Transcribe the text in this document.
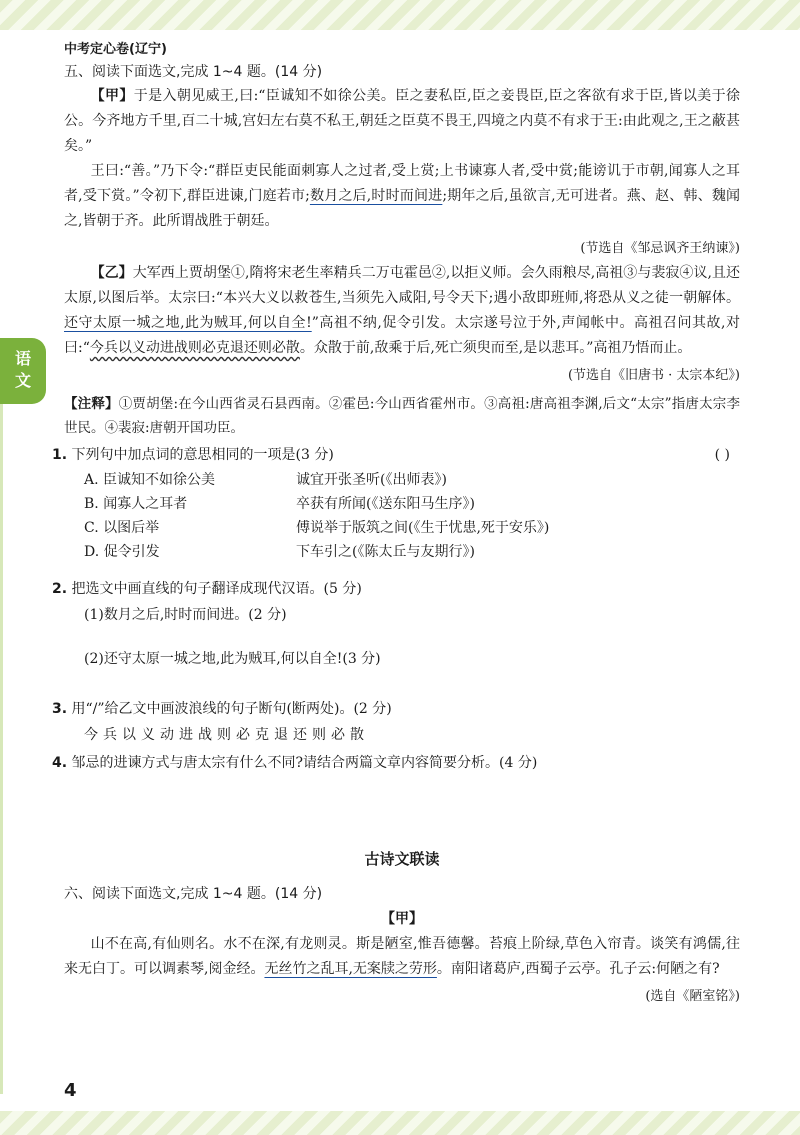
语
文
中考定心卷(辽宁)
五、阅读下面选文,完成 1~4 题。(14 分)

【甲】于是入朝见威王,曰:“臣诚知不如徐公美。臣之妻私臣,臣之妾畏臣,臣之客欲有求于臣,皆以美于徐公。今齐地方千里,百二十城,宫妇左右莫不私王,朝廷之臣莫不畏王,四境之内莫不有求于王:由此观之,王之蔽甚矣。”

王曰:“善。”乃下令:“群臣吏民能面刺寡人之过者,受上赏;上书谏寡人者,受中赏;能谤讥于市朝,闻寡人之耳者,受下赏。”令初下,群臣进谏,门庭若市;数月之后,时时而间进;期年之后,虽欲言,无可进者。燕、赵、韩、魏闻之,皆朝于齐。此所谓战胜于朝廷。

(节选自《邹忌讽齐王纳谏》)

【乙】大军西上贾胡堡①,隋将宋老生率精兵二万屯霍邑②,以拒义师。会久雨粮尽,高祖③与裴寂④议,且还太原,以图后举。太宗曰:“本兴大义以救苍生,当须先入咸阳,号令天下;遇小敌即班师,将恐从义之徒一朝解体。还守太原一城之地,此为贼耳,何以自全!”高祖不纳,促令引发。太宗遂号泣于外,声闻帐中。高祖召问其故,对曰:“今兵以义动进战则必克退还则必散。众散于前,敌乘于后,死亡须臾而至,是以悲耳。”高祖乃悟而止。

(节选自《旧唐书 · 太宗本纪》)

【注释】①贾胡堡:在今山西省灵石县西南。②霍邑:今山西省霍州市。③高祖:唐高祖李渊,后文“太宗”指唐太宗李世民。④裴寂:唐朝开国功臣。

1. 下列句中加点词的意思相同的一项是(3 分)	( )
A. 臣诚知不如徐公美	诚宜开张圣听(《出师表》)
B. 闻寡人之耳者	卒获有所闻(《送东阳马生序》)
C. 以图后举	傅说举于版筑之间(《生于忧患,死于安乐》)
D. 促令引发	下车引之(《陈太丘与友期行》)
2. 把选文中画直线的句子翻译成现代汉语。(5 分)
(1)数月之后,时时而间进。(2 分)
(2)还守太原一城之地,此为贼耳,何以自全!(3 分)
3. 用“/”给乙文中画波浪线的句子断句(断两处)。(2 分)
今兵以义动进战则必克退还则必散
4. 邹忌的进谏方式与唐太宗有什么不同?请结合两篇文章内容简要分析。(4 分)
古诗文联读
六、阅读下面选文,完成 1~4 题。(14 分)
【甲】

山不在高,有仙则名。水不在深,有龙则灵。斯是陋室,惟吾德馨。苔痕上阶绿,草色入帘青。谈笑有鸿儒,往来无白丁。可以调素琴,阅金经。无丝竹之乱耳,无案牍之劳形。南阳诸葛庐,西蜀子云亭。孔子云:何陋之有?

(选自《陋室铭》)
4
